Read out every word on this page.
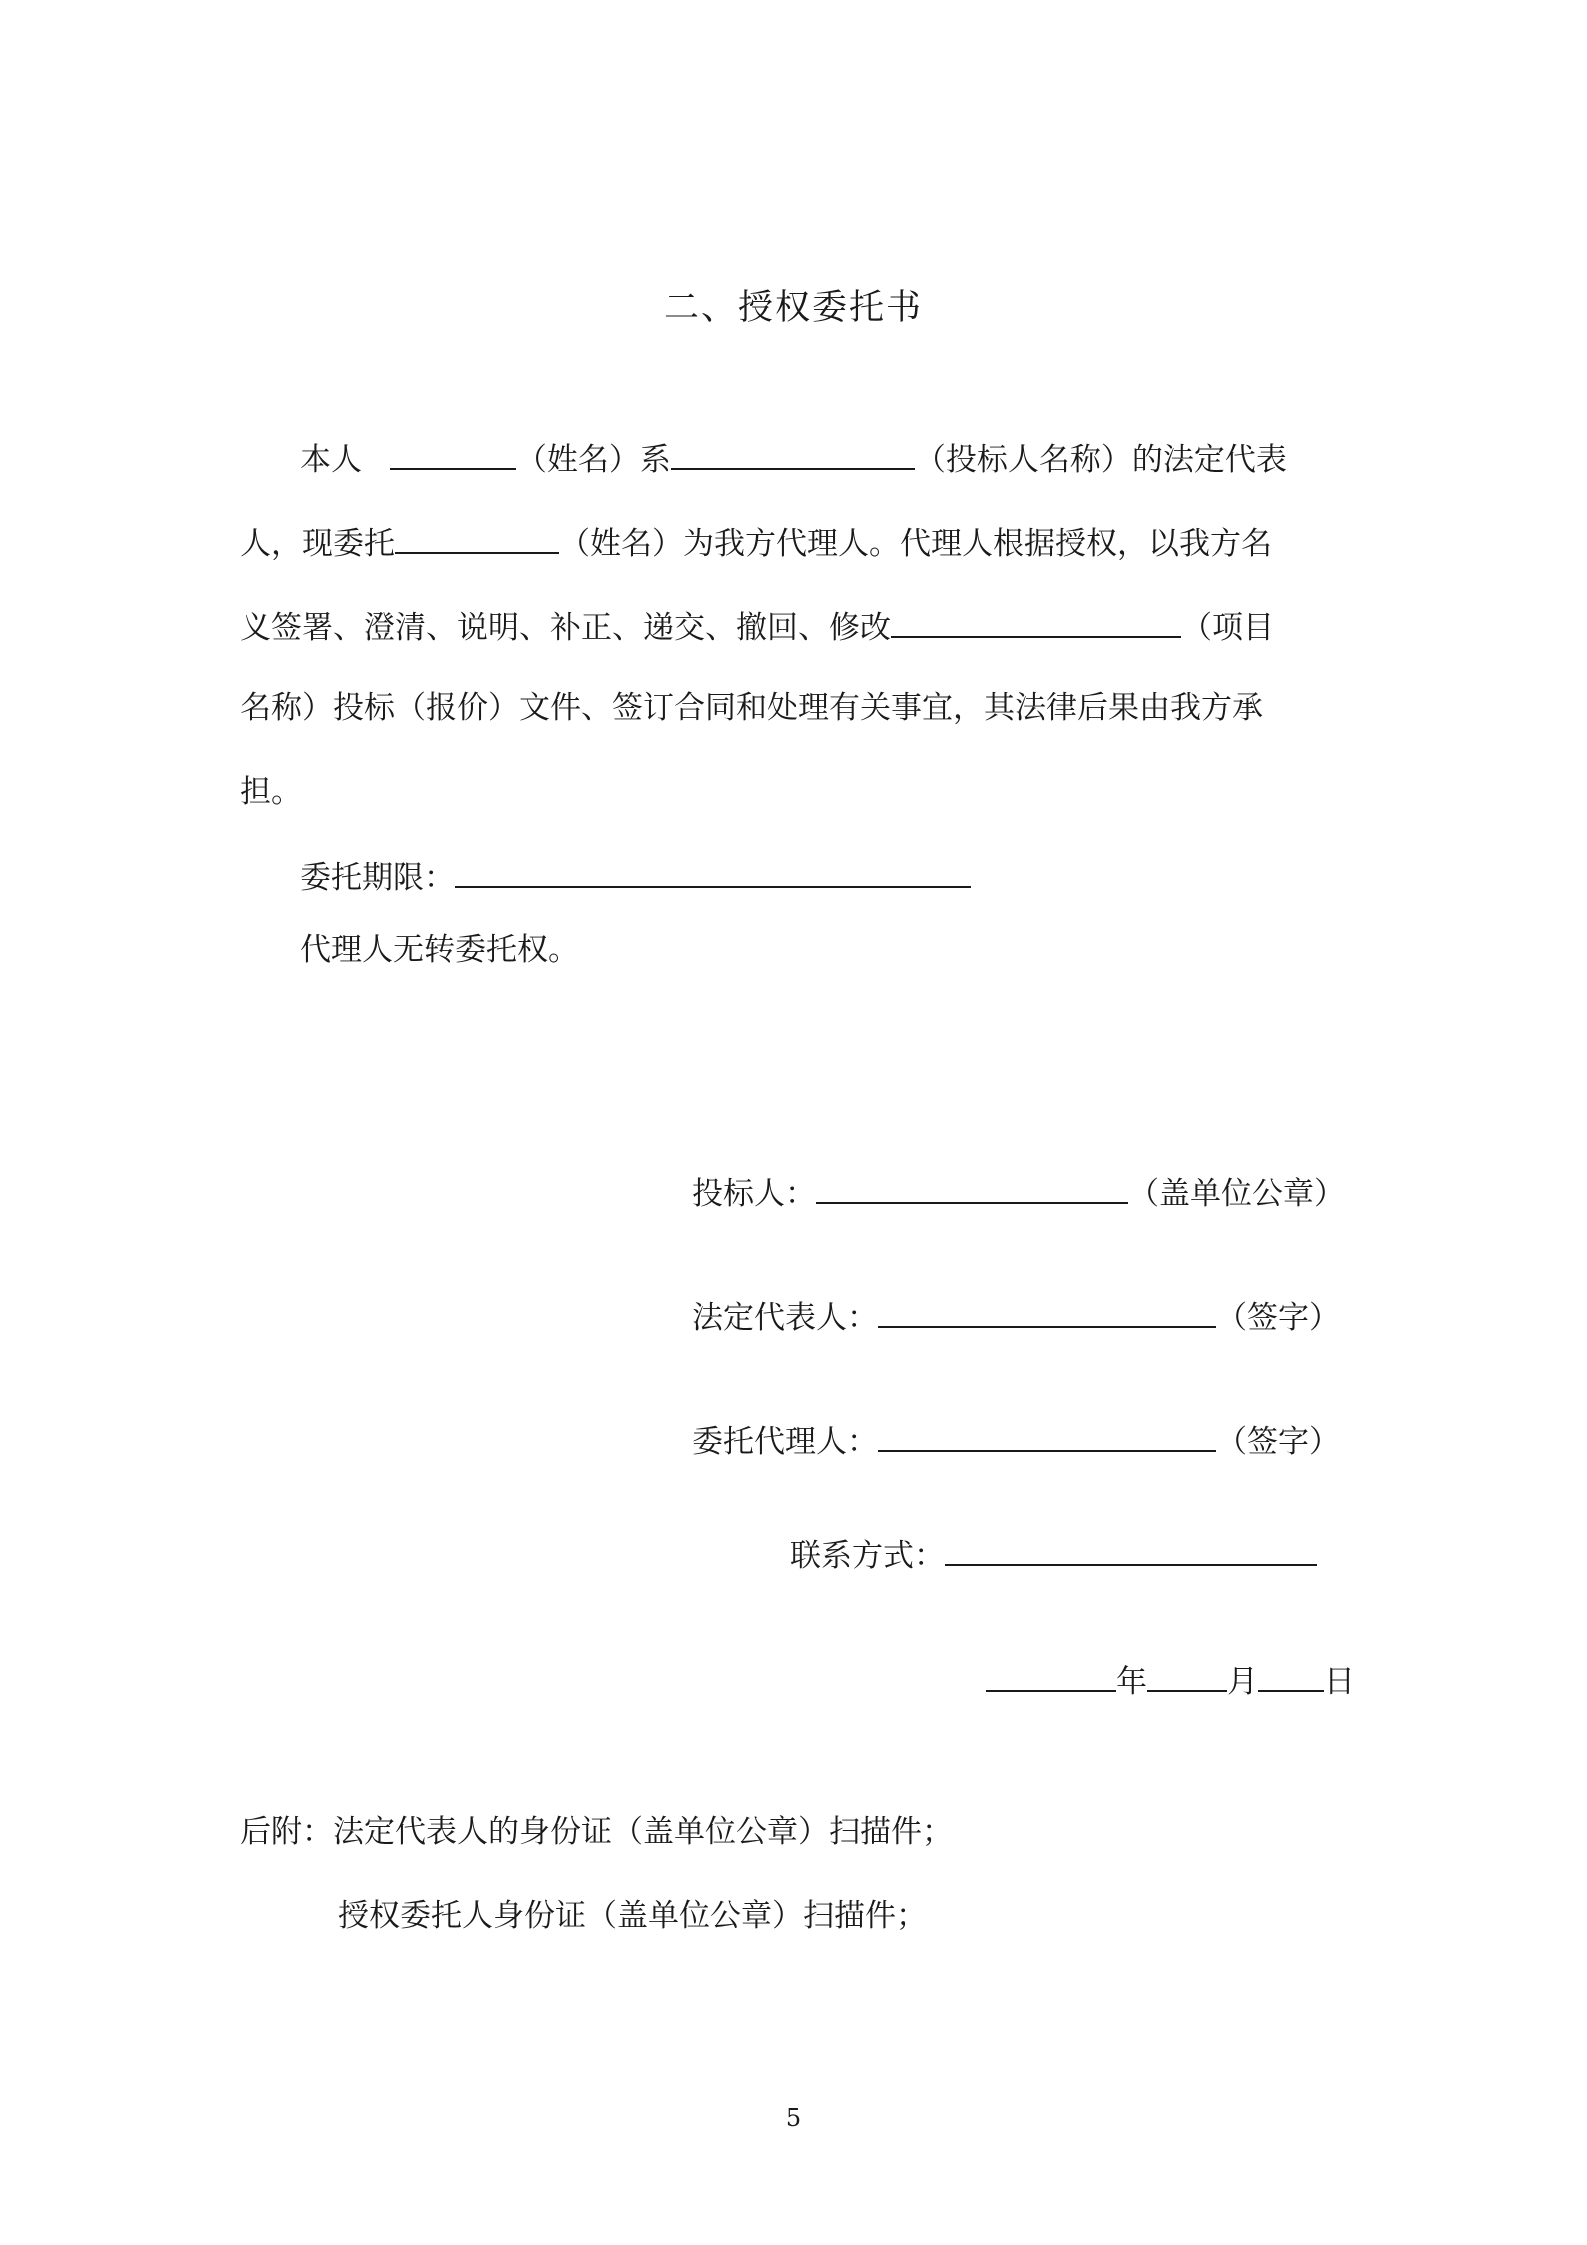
二、授权委托书
本人	（姓名）系	（投标人名称）的法定代表
人，现委托	（姓名）为我方代理人。代理人根据授权，以我方名
义签署、澄清、说明、补正、递交、撤回、修改	（项目
名称）投标（报价）文件、签订合同和处理有关事宜，其法律后果由我方承
担。
委托期限：
代理人无转委托权。
投标人：	（盖单位公章）
法定代表人：	（签字）
委托代理人：	（签字）
联系方式：
年	月 日
后附：法定代表人的身份证（盖单位公章）扫描件；
授权委托人身份证（盖单位公章）扫描件；
5
